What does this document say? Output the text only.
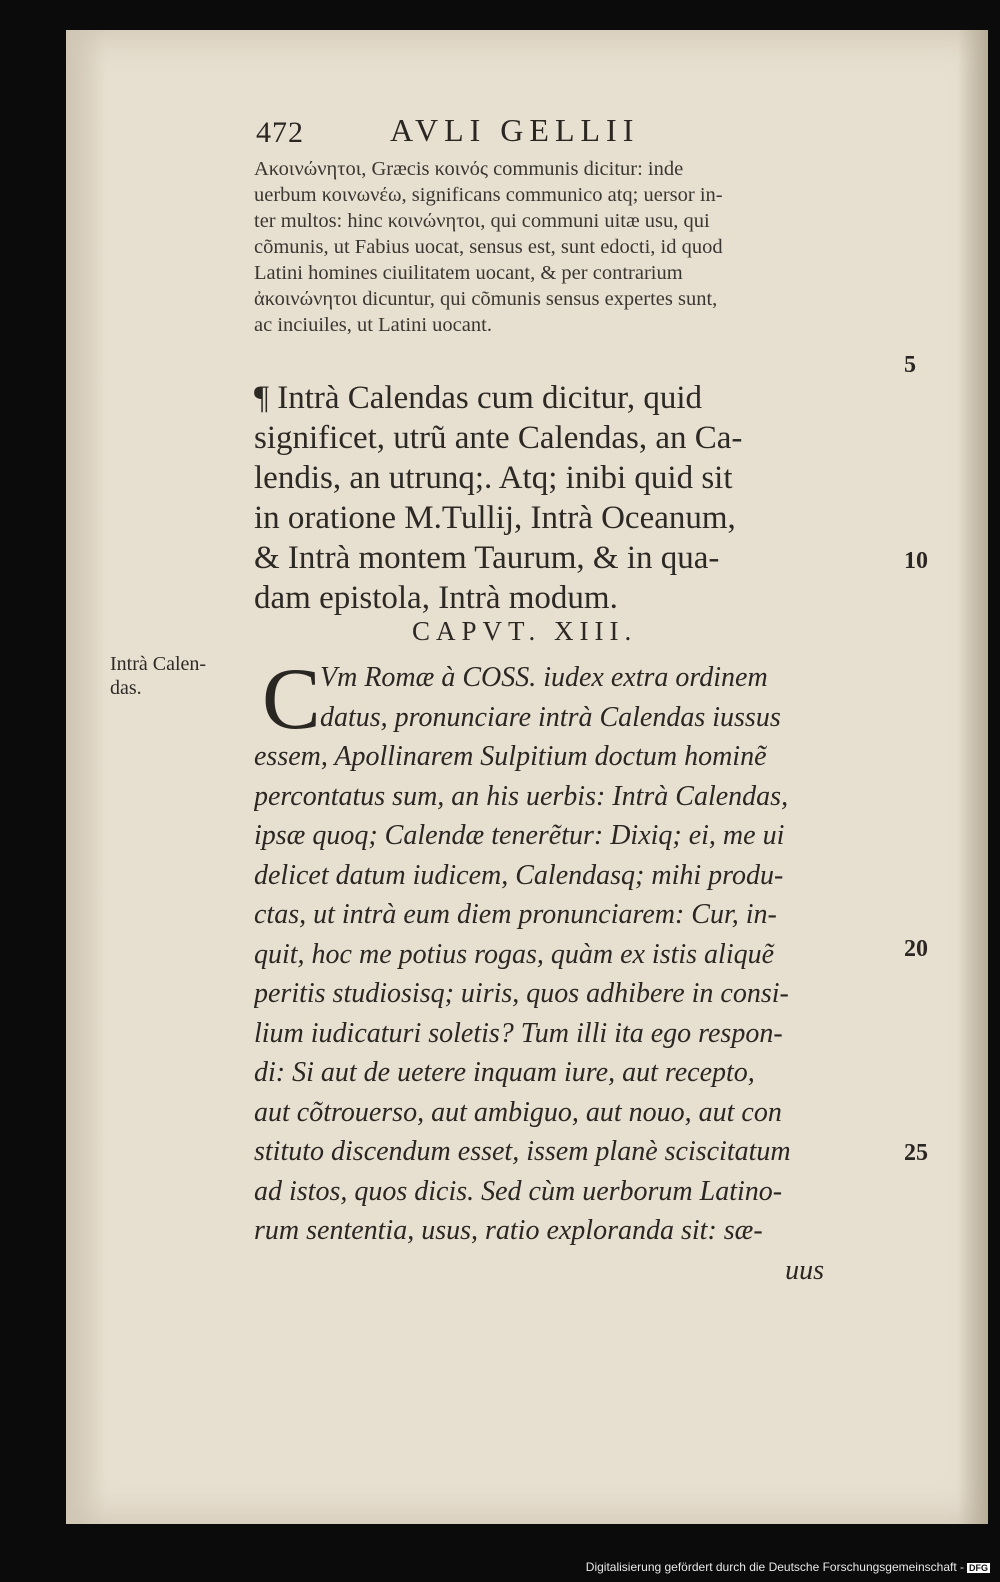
472	AVLI GELLII
Ακοινώνητοι, Græcis κοινός communis dicitur: inde
uerbum κοινωνέω, significans communico atq; uersor in-
ter multos: hinc κοινώνητοι, qui communi uitæ usu, qui
cõmunis, ut Fabius uocat, sensus est, sunt edocti, id quod
Latini homines ciuilitatem uocant, & per contrarium
ἀκοινώνητοι dicuntur, qui cõmunis sensus expertes sunt,
ac inciuiles, ut Latini uocant.
¶ Intrà Calendas cum dicitur, quid
significet, utrũ ante Calendas, an Ca-
lendis, an utrunq;. Atq; inibi quid sit
in oratione M.Tullij, Intrà Oceanum,
& Intrà montem Taurum, & in qua-
dam epistola, Intrà modum.
CAPVT. XIII.
Intrà Calen-
das.	C Vm Romæ à COSS. iudex extra ordinem
datus, pronunciare intrà Calendas iussus
essem, Apollinarem Sulpitium doctum hominẽ
percontatus sum, an his uerbis: Intrà Calendas,
ipsæ quoq; Calendæ tenerẽtur: Dixiq; ei, me ui
delicet datum iudicem, Calendasq; mihi produ-
ctas, ut intrà eum diem pronunciarem: Cur, in-
quit, hoc me potius rogas, quàm ex istis aliquẽ
peritis studiosisq; uiris, quos adhibere in consi-
lium iudicaturi soletis? Tum illi ita ego respon-
di: Si aut de uetere inquam iure, aut recepto,
aut cõtrouerso, aut ambiguo, aut nouo, aut con
stituto discendum esset, issem planè sciscitatum
ad istos, quos dicis. Sed cùm uerborum Latino-
rum sententia, usus, ratio exploranda sit: sæ-
uus
5
10
20
25
Digitalisierung gefördert durch die Deutsche Forschungsgemeinschaft - DFG
